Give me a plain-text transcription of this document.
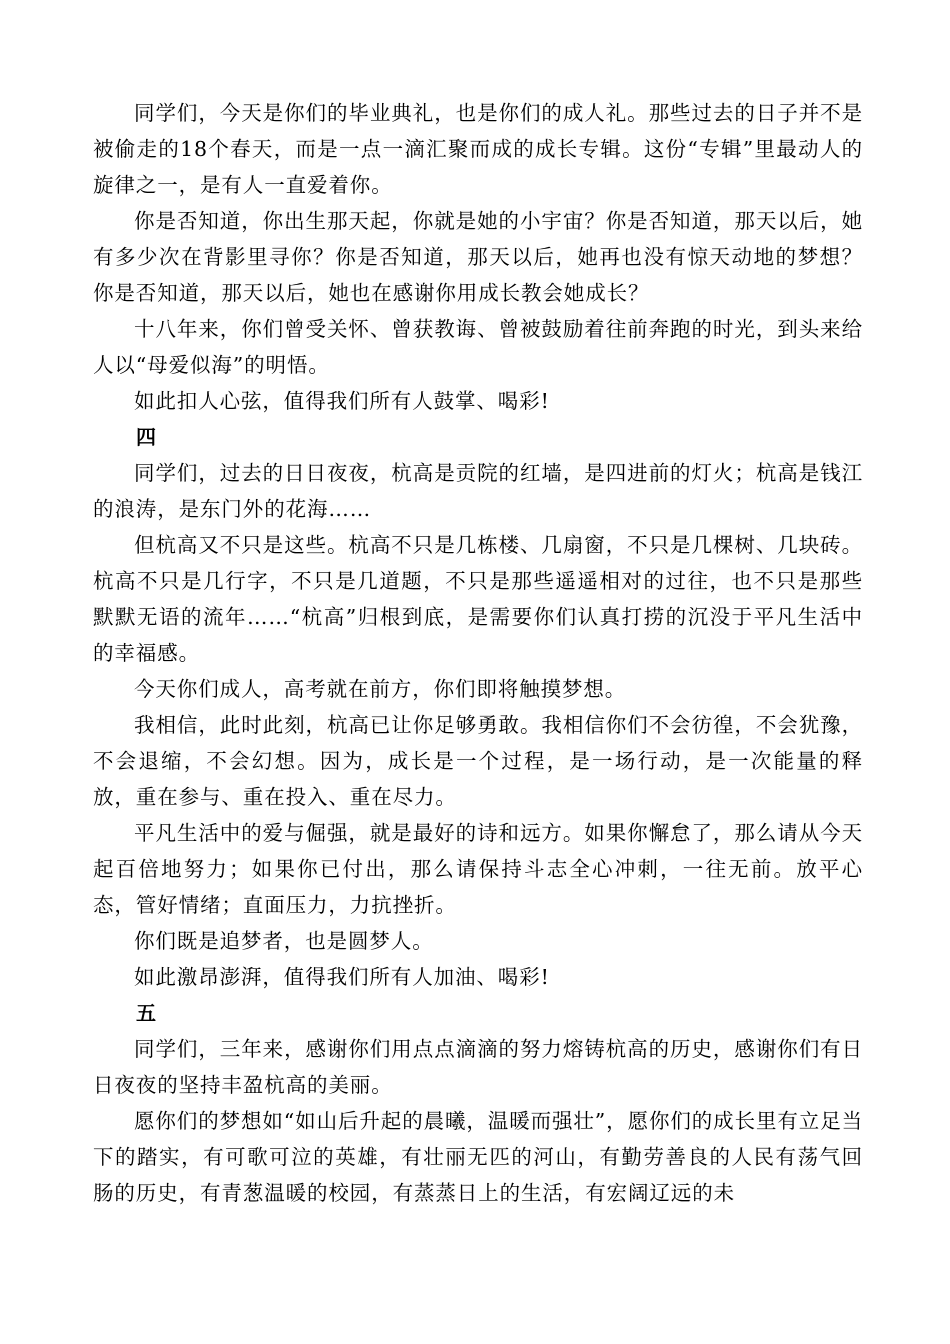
同学们，今天是你们的毕业典礼，也是你们的成人礼。那些过去的日子并不是被偷走的18个春天，而是一点一滴汇聚而成的成长专辑。这份“专辑”里最动人的旋律之一，是有人一直爱着你。

你是否知道，你出生那天起，你就是她的小宇宙？你是否知道，那天以后，她有多少次在背影里寻你？你是否知道，那天以后，她再也没有惊天动地的梦想？你是否知道，那天以后，她也在感谢你用成长教会她成长？

十八年来，你们曾受关怀、曾获教诲、曾被鼓励着往前奔跑的时光，到头来给人以“母爱似海”的明悟。

如此扣人心弦，值得我们所有人鼓掌、喝彩!

四

同学们，过去的日日夜夜，杭高是贡院的红墙，是四进前的灯火；杭高是钱江的浪涛，是东门外的花海……

但杭高又不只是这些。杭高不只是几栋楼、几扇窗，不只是几棵树、几块砖。杭高不只是几行字，不只是几道题，不只是那些遥遥相对的过往，也不只是那些默默无语的流年……“杭高”归根到底，是需要你们认真打捞的沉没于平凡生活中的幸福感。

今天你们成人，高考就在前方，你们即将触摸梦想。

我相信，此时此刻，杭高已让你足够勇敢。我相信你们不会彷徨，不会犹豫，不会退缩，不会幻想。因为，成长是一个过程，是一场行动，是一次能量的释放，重在参与、重在投入、重在尽力。

平凡生活中的爱与倔强，就是最好的诗和远方。如果你懈怠了，那么请从今天起百倍地努力；如果你已付出，那么请保持斗志全心冲刺，一往无前。放平心态，管好情绪；直面压力，力抗挫折。

你们既是追梦者，也是圆梦人。

如此激昂澎湃，值得我们所有人加油、喝彩!

五

同学们，三年来，感谢你们用点点滴滴的努力熔铸杭高的历史，感谢你们有日日夜夜的坚持丰盈杭高的美丽。

愿你们的梦想如“如山后升起的晨曦，温暖而强壮”，愿你们的成长里有立足当下的踏实，有可歌可泣的英雄，有壮丽无匹的河山，有勤劳善良的人民有荡气回肠的历史，有青葱温暖的校园，有蒸蒸日上的生活，有宏阔辽远的未
